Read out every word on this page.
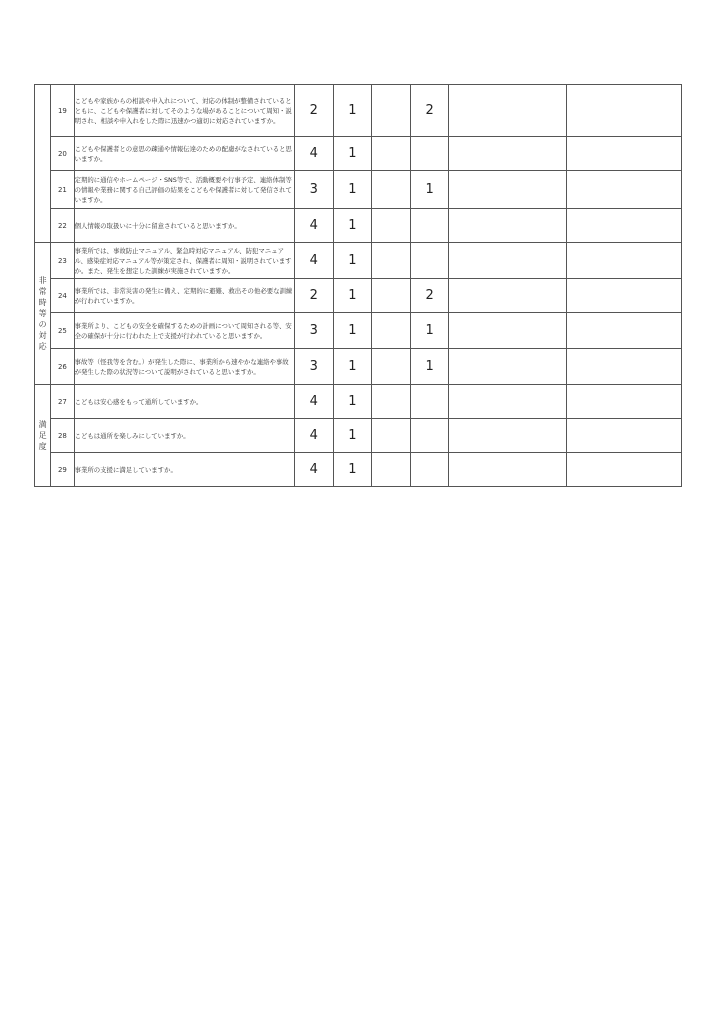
	19	こどもや家族からの相談や申入れについて、対応の体制が整備されているとともに、こどもや保護者に対してそのような場があることについて周知・説明され、相談や申入れをした際に迅速かつ適切に対応されていますか。	2	1		2		
	20	こどもや保護者との意思の疎通や情報伝達のための配慮がなされていると思いますか。	4	1				
	21	定期的に通信やホームページ・SNS等で、活動概要や行事予定、連絡体制等の情報や業務に関する自己評価の結果をこどもや保護者に対して発信されていますか。	3	1		1		
	22	個人情報の取扱いに十分に留意されていると思いますか。	4	1				
非常時等の対応	23	事業所では、事故防止マニュアル、緊急時対応マニュアル、防犯マニュアル、感染症対応マニュアル等が策定され、保護者に周知・説明されていますか。また、発生を想定した訓練が実施されていますか。	4	1				
	24	事業所では、非常災害の発生に備え、定期的に避難、救出その他必要な訓練が行われていますか。	2	1		2		
	25	事業所より、こどもの安全を確保するための計画について周知される等、安全の確保が十分に行われた上で支援が行われていると思いますか。	3	1		1		
	26	事故等（怪我等を含む。）が発生した際に、事業所から速やかな連絡や事故が発生した際の状況等について説明がされていると思いますか。	3	1		1		
満足度	27	こどもは安心感をもって通所していますか。	4	1				
	28	こどもは通所を楽しみにしていますか。	4	1				
	29	事業所の支援に満足していますか。	4	1				
